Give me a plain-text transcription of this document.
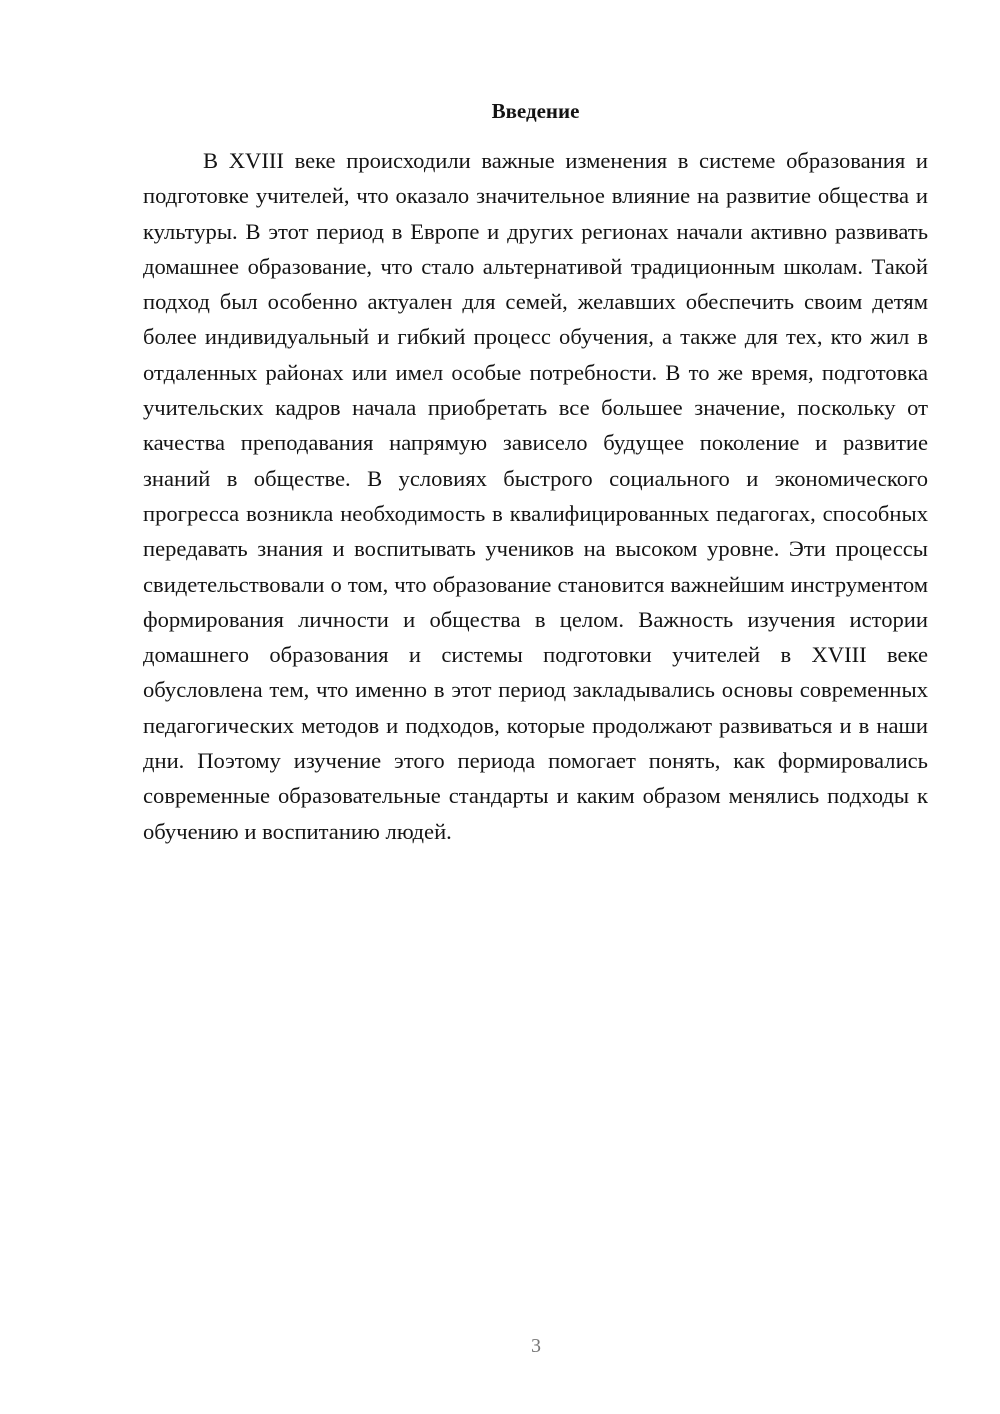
Введение

В XVIII веке происходили важные изменения в системе образования и подготовке учителей, что оказало значительное влияние на развитие общества и культуры. В этот период в Европе и других регионах начали активно развивать домашнее образование, что стало альтернативой традиционным школам. Такой подход был особенно актуален для семей, желавших обеспечить своим детям более индивидуальный и гибкий процесс обучения, а также для тех, кто жил в отдаленных районах или имел особые потребности. В то же время, подготовка учительских кадров начала приобретать все большее значение, поскольку от качества преподавания напрямую зависело будущее поколение и развитие знаний в обществе. В условиях быстрого социального и экономического прогресса возникла необходимость в квалифицированных педагогах, способных передавать знания и воспитывать учеников на высоком уровне. Эти процессы свидетельствовали о том, что образование становится важнейшим инструментом формирования личности и общества в целом. Важность изучения истории домашнего образования и системы подготовки учителей в XVIII веке обусловлена тем, что именно в этот период закладывались основы современных педагогических методов и подходов, которые продолжают развиваться и в наши дни. Поэтому изучение этого периода помогает понять, как формировались современные образовательные стандарты и каким образом менялись подходы к обучению и воспитанию людей.

3
